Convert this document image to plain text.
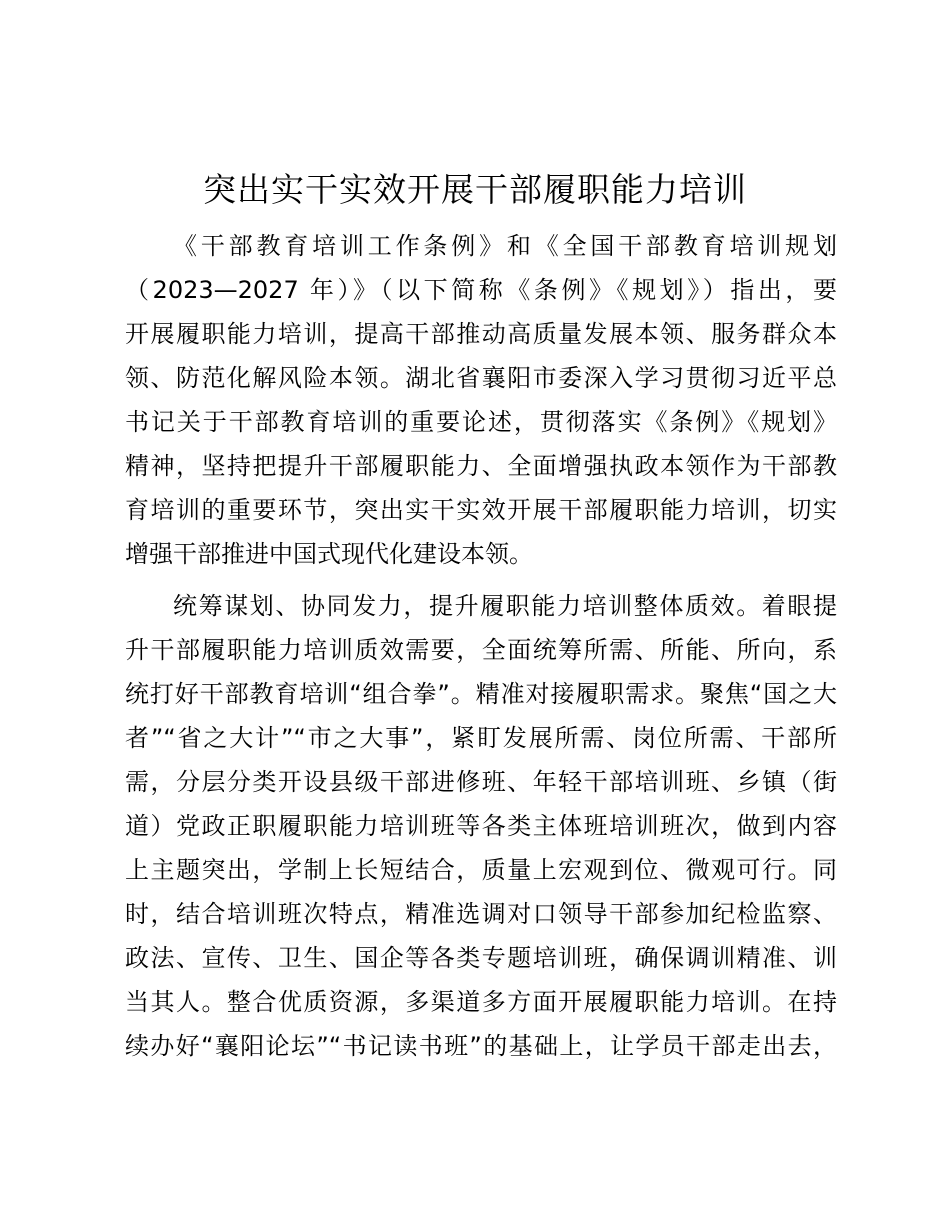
突出实干实效开展干部履职能力培训
《干部教育培训工作条例》和《全国干部教育培训规划
（2023—2027 年）》（以下简称《条例》《规划》）指出，要
开展履职能力培训，提高干部推动高质量发展本领、服务群众本
领、防范化解风险本领。湖北省襄阳市委深入学习贯彻习近平总
书记关于干部教育培训的重要论述，贯彻落实《条例》《规划》
精神，坚持把提升干部履职能力、全面增强执政本领作为干部教
育培训的重要环节，突出实干实效开展干部履职能力培训，切实
增强干部推进中国式现代化建设本领。
统筹谋划、协同发力，提升履职能力培训整体质效。着眼提
升干部履职能力培训质效需要，全面统筹所需、所能、所向，系
统打好干部教育培训“组合拳”。精准对接履职需求。聚焦“国之大
者”“省之大计”“市之大事”，紧盯发展所需、岗位所需、干部所
需，分层分类开设县级干部进修班、年轻干部培训班、乡镇（街
道）党政正职履职能力培训班等各类主体班培训班次，做到内容
上主题突出，学制上长短结合，质量上宏观到位、微观可行。同
时，结合培训班次特点，精准选调对口领导干部参加纪检监察、
政法、宣传、卫生、国企等各类专题培训班，确保调训精准、训
当其人。整合优质资源，多渠道多方面开展履职能力培训。在持
续办好“襄阳论坛”“书记读书班”的基础上，让学员干部走出去，
